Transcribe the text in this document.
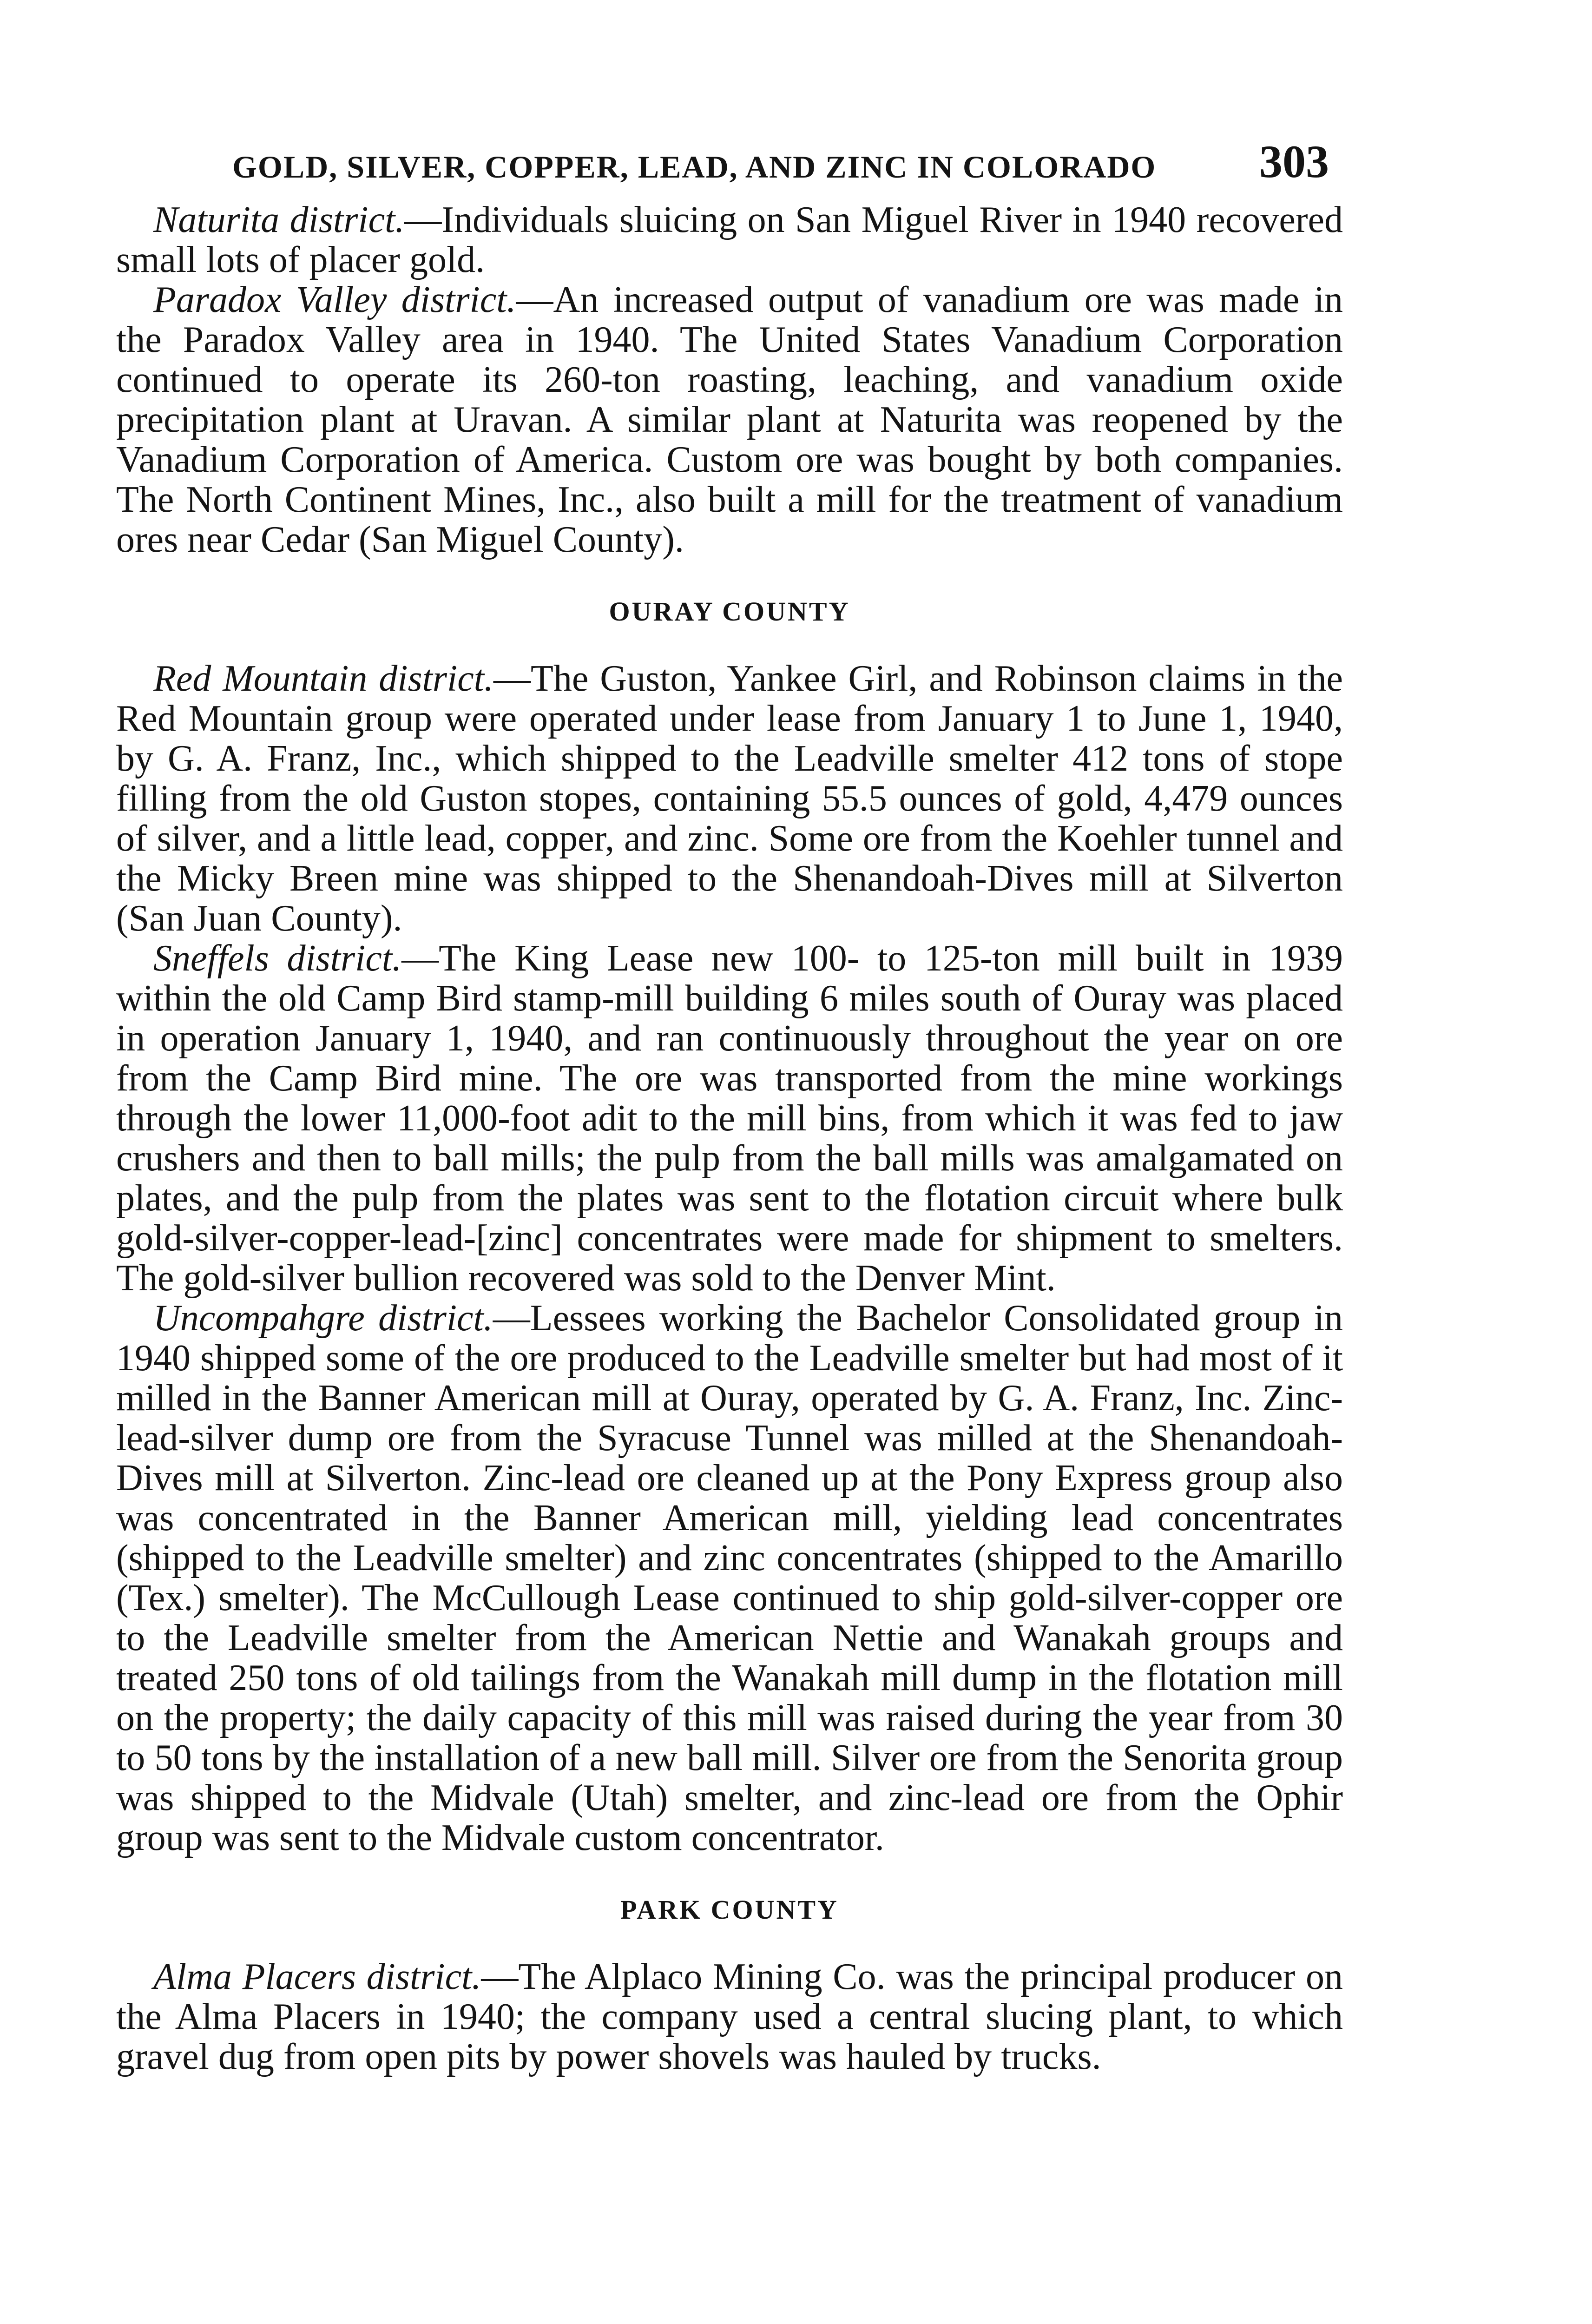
GOLD, SILVER, COPPER, LEAD, AND ZINC IN COLORADO 303

Naturita district.—Individuals sluicing on San Miguel River in 1940 recovered small lots of placer gold.

Paradox Valley district.—An increased output of vanadium ore was made in the Paradox Valley area in 1940. The United States Vanadium Corporation continued to operate its 260-ton roasting, leaching, and vanadium oxide precipitation plant at Uravan. A similar plant at Naturita was reopened by the Vanadium Corporation of America. Custom ore was bought by both companies. The North Continent Mines, Inc., also built a mill for the treatment of vanadium ores near Cedar (San Miguel County).

OURAY COUNTY

Red Mountain district.—The Guston, Yankee Girl, and Robinson claims in the Red Mountain group were operated under lease from January 1 to June 1, 1940, by G. A. Franz, Inc., which shipped to the Leadville smelter 412 tons of stope filling from the old Guston stopes, containing 55.5 ounces of gold, 4,479 ounces of silver, and a little lead, copper, and zinc. Some ore from the Koehler tunnel and the Micky Breen mine was shipped to the Shenandoah-Dives mill at Silverton (San Juan County).

Sneffels district.—The King Lease new 100- to 125-ton mill built in 1939 within the old Camp Bird stamp-mill building 6 miles south of Ouray was placed in operation January 1, 1940, and ran continuously throughout the year on ore from the Camp Bird mine. The ore was transported from the mine workings through the lower 11,000-foot adit to the mill bins, from which it was fed to jaw crushers and then to ball mills; the pulp from the ball mills was amalgamated on plates, and the pulp from the plates was sent to the flotation circuit where bulk gold-silver-copper-lead-[zinc] concentrates were made for shipment to smelters. The gold-silver bullion recovered was sold to the Denver Mint.

Uncompahgre district.—Lessees working the Bachelor Consolidated group in 1940 shipped some of the ore produced to the Leadville smelter but had most of it milled in the Banner American mill at Ouray, operated by G. A. Franz, Inc. Zinc-lead-silver dump ore from the Syracuse Tunnel was milled at the Shenandoah-Dives mill at Silverton. Zinc-lead ore cleaned up at the Pony Express group also was concentrated in the Banner American mill, yielding lead concentrates (shipped to the Leadville smelter) and zinc concentrates (shipped to the Amarillo (Tex.) smelter). The McCullough Lease continued to ship gold-silver-copper ore to the Leadville smelter from the American Nettie and Wanakah groups and treated 250 tons of old tailings from the Wanakah mill dump in the flotation mill on the property; the daily capacity of this mill was raised during the year from 30 to 50 tons by the installation of a new ball mill. Silver ore from the Senorita group was shipped to the Midvale (Utah) smelter, and zinc-lead ore from the Ophir group was sent to the Midvale custom concentrator.

PARK COUNTY

Alma Placers district.—The Alplaco Mining Co. was the principal producer on the Alma Placers in 1940; the company used a central slucing plant, to which gravel dug from open pits by power shovels was hauled by trucks.
